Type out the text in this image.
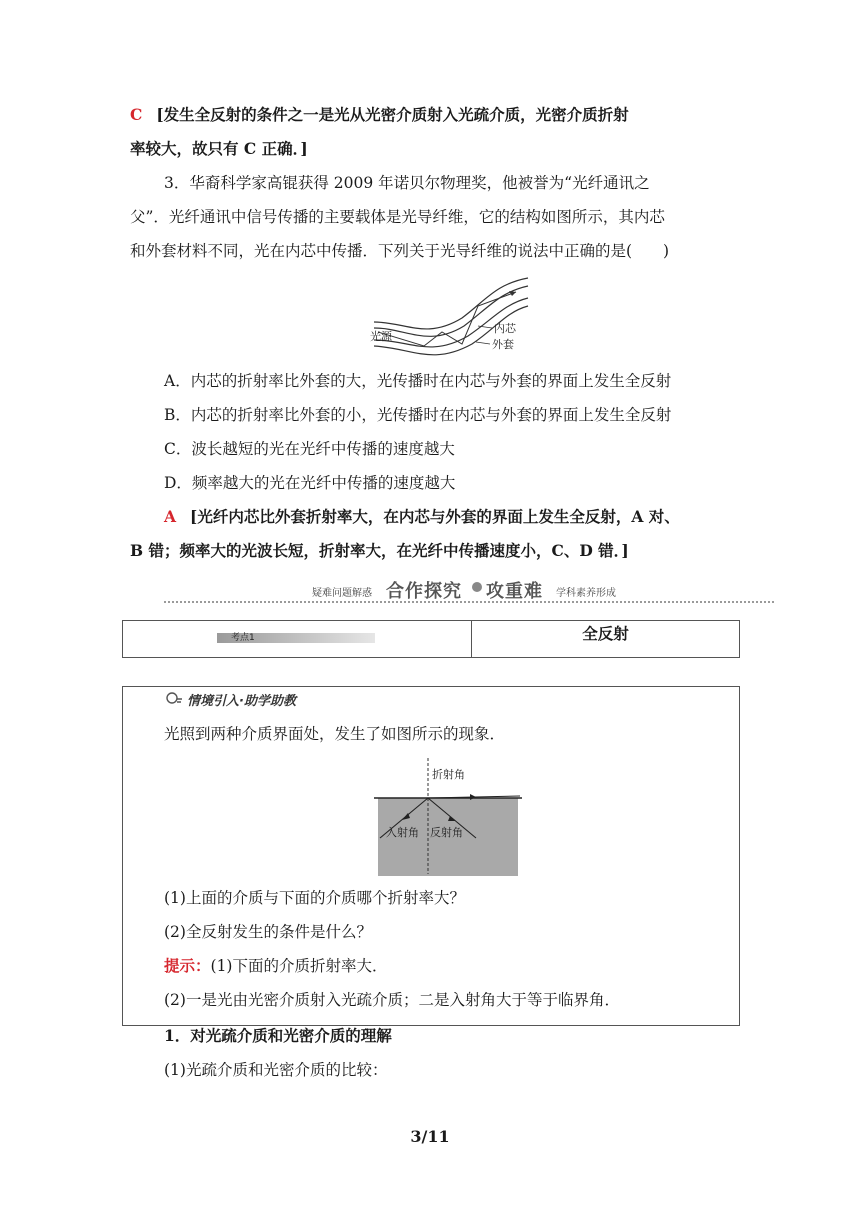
C [发生全反射的条件之一是光从光密介质射入光疏介质，光密介质折射
率较大，故只有 C 正确．]
3．华裔科学家高锟获得 2009 年诺贝尔物理奖，他被誉为“光纤通讯之
父”．光纤通讯中信号传播的主要载体是光导纤维，它的结构如图所示，其内芯
和外套材料不同，光在内芯中传播．下列关于光导纤维的说法中正确的是(　　)
光源
内芯
外套
A．内芯的折射率比外套的大，光传播时在内芯与外套的界面上发生全反射
B．内芯的折射率比外套的小，光传播时在内芯与外套的界面上发生全反射
C．波长越短的光在光纤中传播的速度越大
D．频率越大的光在光纤中传播的速度越大
A [光纤内芯比外套折射率大，在内芯与外套的界面上发生全反射，A 对、
B 错；频率大的光波长短，折射率大，在光纤中传播速度小，C、D 错．]
疑难问题解惑 合作探究 攻重难 学科素养形成
考点1	全反射
情境引入·助学助教
光照到两种介质界面处，发生了如图所示的现象．
折射角
入射角 反射角
(1)上面的介质与下面的介质哪个折射率大？
(2)全反射发生的条件是什么？
提示：(1)下面的介质折射率大．
(2)一是光由光密介质射入光疏介质；二是入射角大于等于临界角．
1．对光疏介质和光密介质的理解
(1)光疏介质和光密介质的比较：
3/11
